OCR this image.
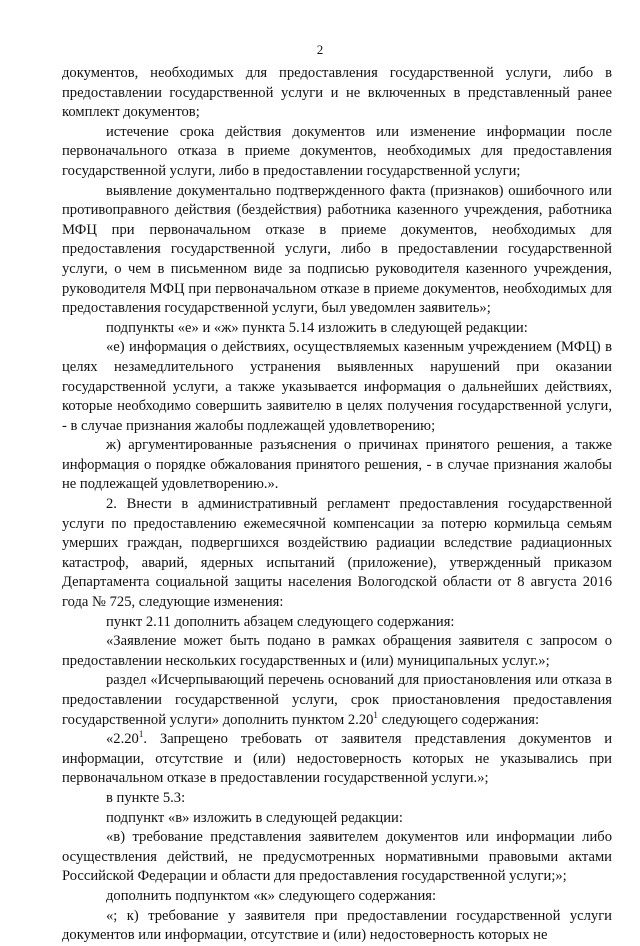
2

документов, необходимых для предоставления государственной услуги, либо в предоставлении государственной услуги и не включенных в представленный ранее комплект документов;

истечение срока действия документов или изменение информации после первоначального отказа в приеме документов, необходимых для предоставления государственной услуги, либо в предоставлении государственной услуги;

выявление документально подтвержденного факта (признаков) ошибочного или противоправного действия (бездействия) работника казенного учреждения, работника МФЦ при первоначальном отказе в приеме документов, необходимых для предоставления государственной услуги, либо в предоставлении государственной услуги, о чем в письменном виде за подписью руководителя казенного учреждения, руководителя МФЦ при первоначальном отказе в приеме документов, необходимых для предоставления государственной услуги, был уведомлен заявитель»;

подпункты «е» и «ж» пункта 5.14 изложить в следующей редакции:

«е) информация о действиях, осуществляемых казенным учреждением (МФЦ) в целях незамедлительного устранения выявленных нарушений при оказании государственной услуги, а также указывается информация о дальнейших действиях, которые необходимо совершить заявителю в целях получения государственной услуги, - в случае признания жалобы подлежащей удовлетворению;

ж) аргументированные разъяснения о причинах принятого решения, а также информация о порядке обжалования принятого решения, - в случае признания жалобы не подлежащей удовлетворению.».

2. Внести в административный регламент предоставления государственной услуги по предоставлению ежемесячной компенсации за потерю кормильца семьям умерших граждан, подвергшихся воздействию радиации вследствие радиационных катастроф, аварий, ядерных испытаний (приложение), утвержденный приказом Департамента социальной защиты населения Вологодской области от 8 августа 2016 года № 725, следующие изменения:

пункт 2.11 дополнить абзацем следующего содержания:

«Заявление может быть подано в рамках обращения заявителя с запросом о предоставлении нескольких государственных и (или) муниципальных услуг.»;

раздел «Исчерпывающий перечень оснований для приостановления или отказа в предоставлении государственной услуги, срок приостановления предоставления государственной услуги» дополнить пунктом 2.20$^1$ следующего содержания:

«2.20$^1$. Запрещено требовать от заявителя представления документов и информации, отсутствие и (или) недостоверность которых не указывались при первоначальном отказе в предоставлении государственной услуги.»;

в пункте 5.3:

подпункт «в» изложить в следующей редакции:

«в) требование представления заявителем документов или информации либо осуществления действий, не предусмотренных нормативными правовыми актами Российской Федерации и области для предоставления государственной услуги;»;

дополнить подпунктом «к» следующего содержания:

«; к) требование у заявителя при предоставлении государственной услуги документов или информации, отсутствие и (или) недостоверность которых не
